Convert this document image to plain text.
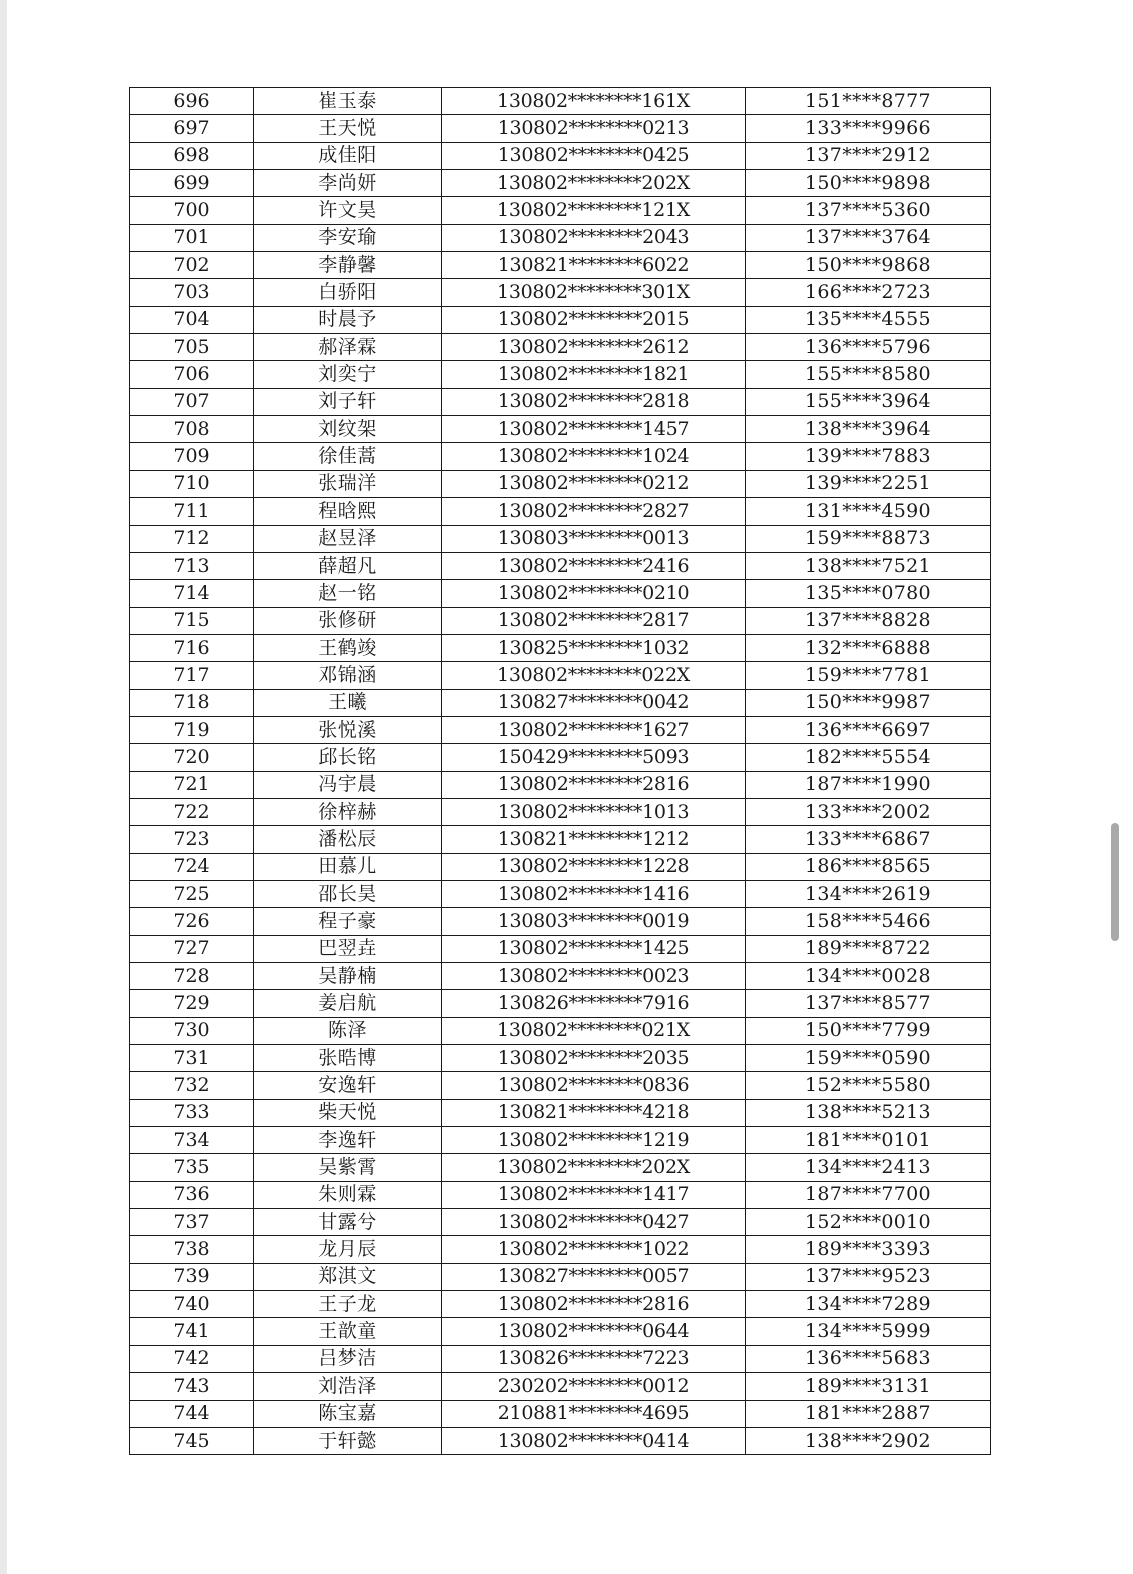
696	崔玉泰	130802********161X	151****8777
697	王天悦	130802********0213	133****9966
698	成佳阳	130802********0425	137****2912
699	李尚妍	130802********202X	150****9898
700	许文昊	130802********121X	137****5360
701	李安瑜	130802********2043	137****3764
702	李静馨	130821********6022	150****9868
703	白骄阳	130802********301X	166****2723
704	时晨予	130802********2015	135****4555
705	郝泽霖	130802********2612	136****5796
706	刘奕宁	130802********1821	155****8580
707	刘子轩	130802********2818	155****3964
708	刘纹架	130802********1457	138****3964
709	徐佳蒿	130802********1024	139****7883
710	张瑞洋	130802********0212	139****2251
711	程晗熙	130802********2827	131****4590
712	赵昱泽	130803********0013	159****8873
713	薛超凡	130802********2416	138****7521
714	赵一铭	130802********0210	135****0780
715	张修研	130802********2817	137****8828
716	王鹤竣	130825********1032	132****6888
717	邓锦涵	130802********022X	159****7781
718	王曦	130827********0042	150****9987
719	张悦溪	130802********1627	136****6697
720	邱长铭	150429********5093	182****5554
721	冯宇晨	130802********2816	187****1990
722	徐梓赫	130802********1013	133****2002
723	潘松辰	130821********1212	133****6867
724	田慕儿	130802********1228	186****8565
725	邵长昊	130802********1416	134****2619
726	程子豪	130803********0019	158****5466
727	巴翌垚	130802********1425	189****8722
728	吴静楠	130802********0023	134****0028
729	姜启航	130826********7916	137****8577
730	陈泽	130802********021X	150****7799
731	张晧博	130802********2035	159****0590
732	安逸轩	130802********0836	152****5580
733	柴天悦	130821********4218	138****5213
734	李逸轩	130802********1219	181****0101
735	吴紫霄	130802********202X	134****2413
736	朱则霖	130802********1417	187****7700
737	甘露兮	130802********0427	152****0010
738	龙月辰	130802********1022	189****3393
739	郑淇文	130827********0057	137****9523
740	王子龙	130802********2816	134****7289
741	王歆童	130802********0644	134****5999
742	吕梦洁	130826********7223	136****5683
743	刘浩泽	230202********0012	189****3131
744	陈宝嘉	210881********4695	181****2887
745	于轩懿	130802********0414	138****2902
